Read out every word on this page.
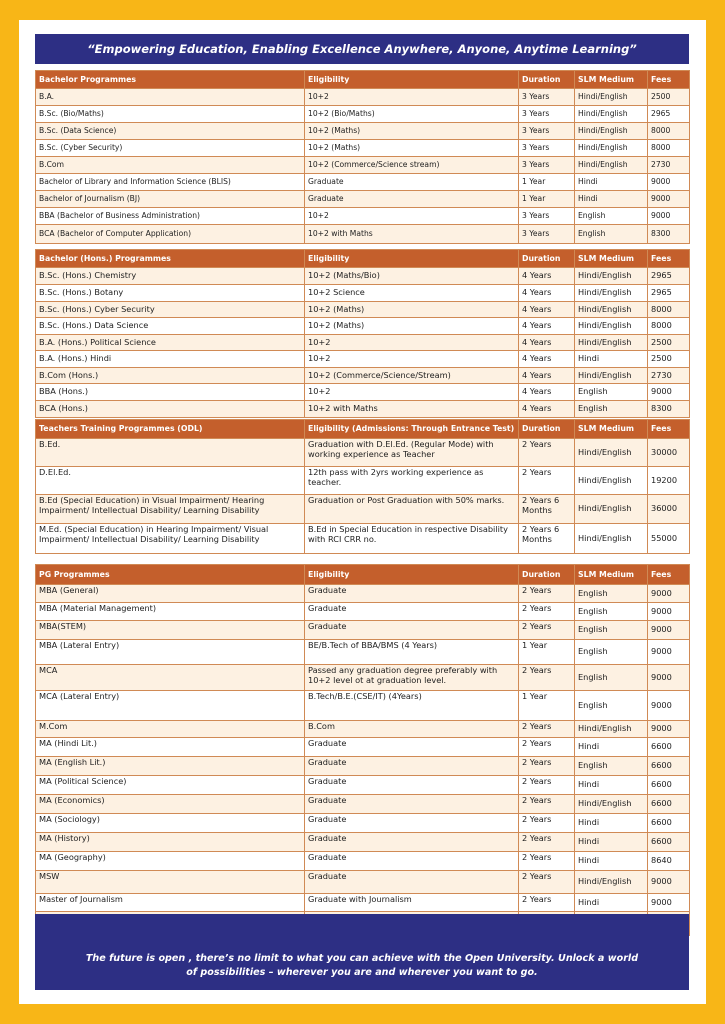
“Empowering Education, Enabling Excellence Anywhere, Anyone, Anytime Learning”
Bachelor Programmes	Eligibility	Duration	SLM Medium	Fees
B.A.	10+2	3 Years	Hindi/English	2500
B.Sc. (Bio/Maths)	10+2 (Bio/Maths)	3 Years	Hindi/English	2965
B.Sc. (Data Science)	10+2 (Maths)	3 Years	Hindi/English	8000
B.Sc. (Cyber Security)	10+2 (Maths)	3 Years	Hindi/English	8000
B.Com	10+2 (Commerce/Science stream)	3 Years	Hindi/English	2730
Bachelor of Library and Information Science (BLIS)	Graduate	1 Year	Hindi	9000
Bachelor of Journalism (BJ)	Graduate	1 Year	Hindi	9000
BBA (Bachelor of Business Administration)	10+2	3 Years	English	9000
BCA (Bachelor of Computer Application)	10+2 with Maths	3 Years	English	8300
Bachelor (Hons.) Programmes	Eligibility	Duration	SLM Medium	Fees
B.Sc. (Hons.) Chemistry	10+2 (Maths/Bio)	4 Years	Hindi/English	2965
B.Sc. (Hons.) Botany	10+2 Science	4 Years	Hindi/English	2965
B.Sc. (Hons.) Cyber Security	10+2 (Maths)	4 Years	Hindi/English	8000
B.Sc. (Hons.) Data Science	10+2 (Maths)	4 Years	Hindi/English	8000
B.A. (Hons.) Political Science	10+2	4 Years	Hindi/English	2500
B.A. (Hons.) Hindi	10+2	4 Years	Hindi	2500
B.Com (Hons.)	10+2 (Commerce/Science/Stream)	4 Years	Hindi/English	2730
BBA (Hons.)	10+2	4 Years	English	9000
BCA (Hons.)	10+2 with Maths	4 Years	English	8300
Teachers Training Programmes (ODL)	Eligibility (Admissions: Through Entrance Test)	Duration	SLM Medium	Fees
B.Ed.	Graduation with D.El.Ed. (Regular Mode) with working experience as Teacher	2 Years	Hindi/English	30000
D.El.Ed.	12th pass with 2yrs working experience as teacher.	2 Years	Hindi/English	19200
B.Ed (Special Education) in Visual Impairment/ Hearing Impairment/ Intellectual Disability/ Learning Disability	Graduation or Post Graduation with 50% marks.	2 Years 6 Months	Hindi/English	36000
M.Ed. (Special Education) in Hearing Impairment/ Visual Impairment/ Intellectual Disability/ Learning Disability	B.Ed in Special Education in respective Disability with RCI CRR no.	2 Years 6 Months	Hindi/English	55000
PG Programmes	Eligibility	Duration	SLM Medium	Fees
MBA (General)	Graduate	2 Years	English	9000
MBA (Material Management)	Graduate	2 Years	English	9000
MBA(STEM)	Graduate	2 Years	English	9000
MBA (Lateral Entry)	BE/B.Tech of BBA/BMS (4 Years)	1 Year	English	9000
MCA	Passed any graduation degree preferably with 10+2 level ot at graduation level.	2 Years	English	9000
MCA (Lateral Entry)	B.Tech/B.E.(CSE/IT) (4Years)	1 Year	English	9000
M.Com	B.Com	2 Years	Hindi/English	9000
MA (Hindi Lit.)	Graduate	2 Years	Hindi	6600
MA (English Lit.)	Graduate	2 Years	English	6600
MA (Political Science)	Graduate	2 Years	Hindi	6600
MA (Economics)	Graduate	2 Years	Hindi/English	6600
MA (Sociology)	Graduate	2 Years	Hindi	6600
MA (History)	Graduate	2 Years	Hindi	6600
MA (Geography)	Graduate	2 Years	Hindi	8640
MSW	Graduate	2 Years	Hindi/English	9000
Master of Journalism	Graduate with Journalism	2 Years	Hindi	9000

The future is open , there’s no limit to what you can achieve with the Open University. Unlock a world
of possibilities – wherever you are and wherever you want to go.
